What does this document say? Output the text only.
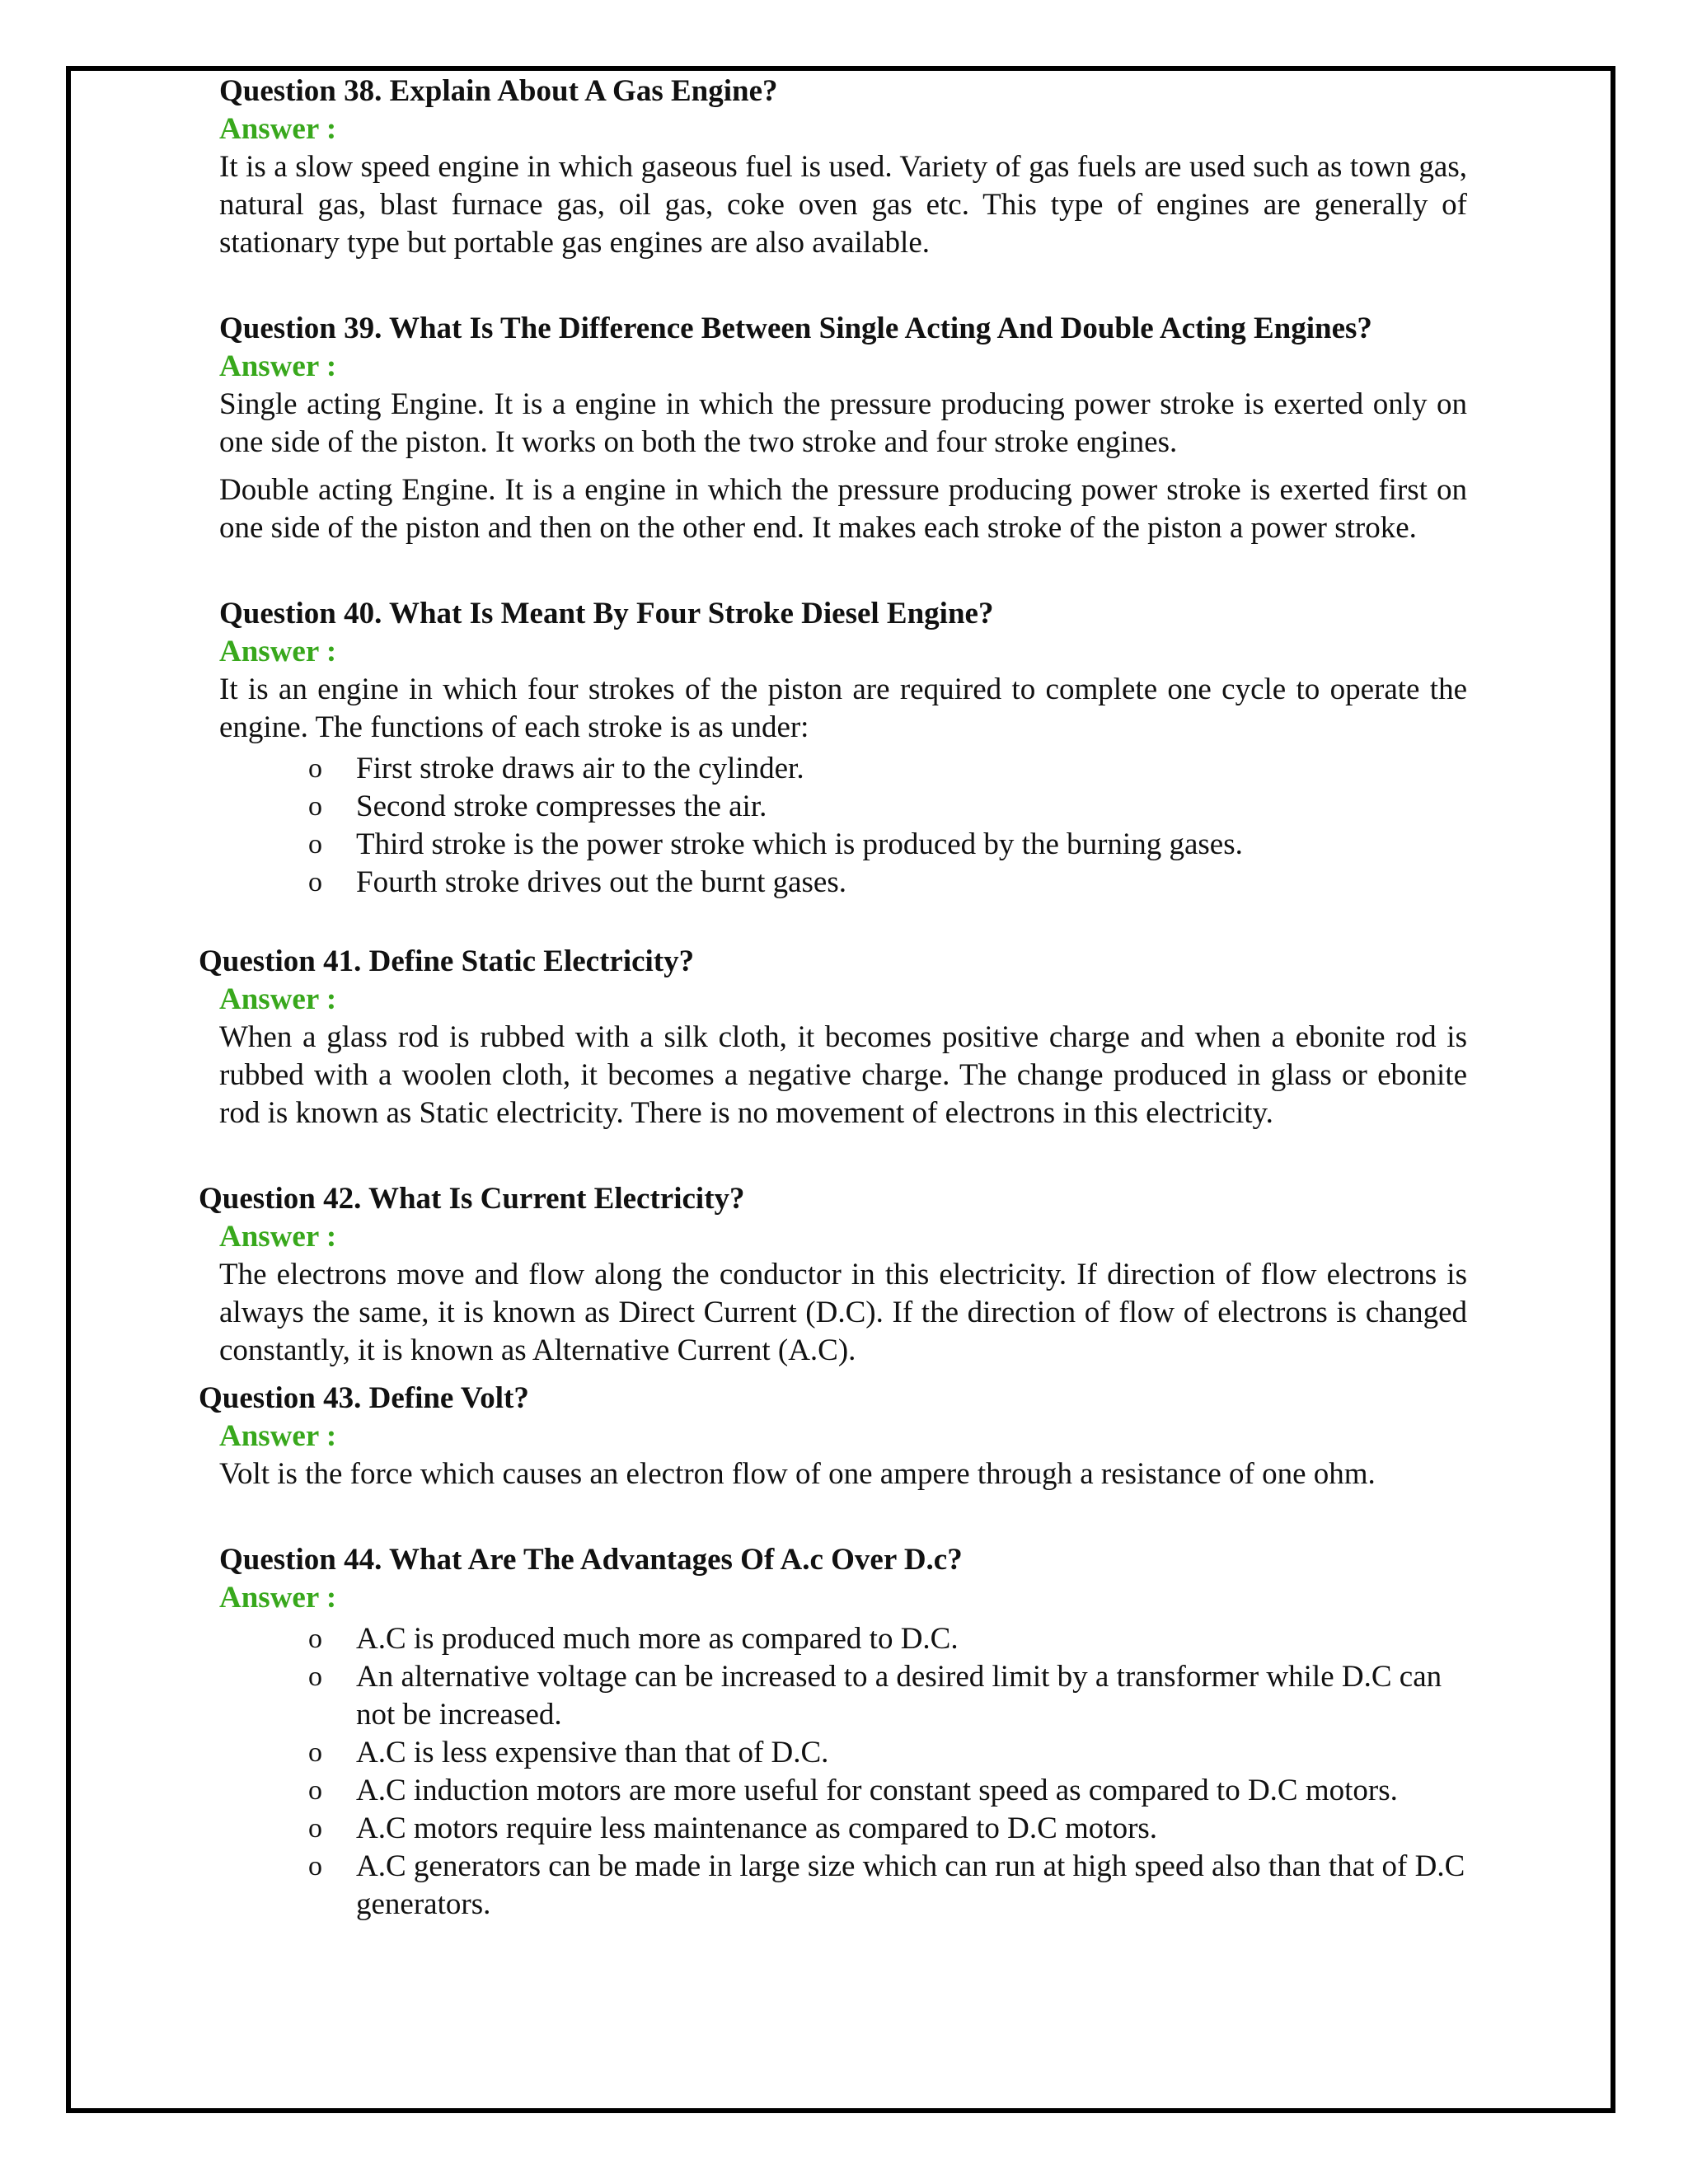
Question 38. Explain About A Gas Engine?

Answer :

It is a slow speed engine in which gaseous fuel is used. Variety of gas fuels are used such as town gas, natural gas, blast furnace gas, oil gas, coke oven gas etc. This type of engines are generally of stationary type but portable gas engines are also available.

Question 39. What Is The Difference Between Single Acting And Double Acting Engines?

Answer :

Single acting Engine. It is a engine in which the pressure producing power stroke is exerted only on one side of the piston. It works on both the two stroke and four stroke engines.

Double acting Engine. It is a engine in which the pressure producing power stroke is exerted first on one side of the piston and then on the other end. It makes each stroke of the piston a power stroke.

Question 40. What Is Meant By Four Stroke Diesel Engine?

Answer :

It is an engine in which four strokes of the piston are required to complete one cycle to operate the engine. The functions of each stroke is as under:

o First stroke draws air to the cylinder.
o Second stroke compresses the air.
o Third stroke is the power stroke which is produced by the burning gases.
o Fourth stroke drives out the burnt gases.

Question 41. Define Static Electricity?

Answer :

When a glass rod is rubbed with a silk cloth, it becomes positive charge and when a ebonite rod is rubbed with a woolen cloth, it becomes a negative charge. The change produced in glass or ebonite rod is known as Static electricity. There is no movement of electrons in this electricity.

Question 42. What Is Current Electricity?

Answer :

The electrons move and flow along the conductor in this electricity. If direction of flow electrons is always the same, it is known as Direct Current (D.C). If the direction of flow of electrons is changed constantly, it is known as Alternative Current (A.C).

Question 43. Define Volt?

Answer :

Volt is the force which causes an electron flow of one ampere through a resistance of one ohm.

Question 44. What Are The Advantages Of A.c Over D.c?

Answer :

o A.C is produced much more as compared to D.C.
o An alternative voltage can be increased to a desired limit by a transformer while D.C can not be increased.
o A.C is less expensive than that of D.C.
o A.C induction motors are more useful for constant speed as compared to D.C motors.
o A.C motors require less maintenance as compared to D.C motors.
o A.C generators can be made in large size which can run at high speed also than that of D.C generators.
